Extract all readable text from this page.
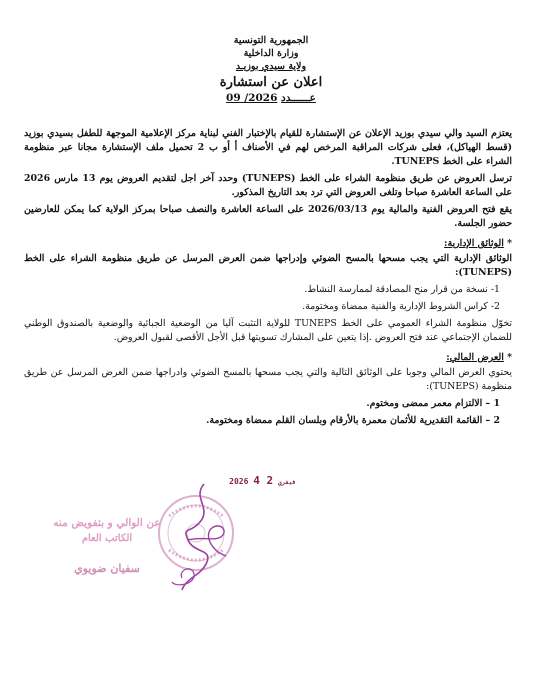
الجمهورية التونسية
وزارة الداخلية
ولاية سيدي بوزيـد
اعلان عن استشارة
عــــــدد 09 /2026

يعتزم السيد والي سيدي بوزيد الإعلان عن الإستشارة للقيام بالإختبار الفني لبناية مركز الإعلامية الموجهة للطفل بسيدي بوزيد (قسط الهياكل)، فعلى شركات المراقبة المرخص لهم في الأصناف أ أو ب 2 تحميل ملف الإستشارة مجانا عبر منظومة الشراء على الخط TUNEPS.

ترسل العروض عن طريق منظومة الشراء على الخط (TUNEPS) وحدد آخر اجل لتقديم العروض يوم 13 مارس 2026 على الساعة العاشرة صباحا وتلغى العروض التي ترد بعد التاريخ المذكور.

يقع فتح العروض الفنية والمالية يوم 2026/03/13 على الساعة العاشرة والنصف صباحا بمركز الولاية كما يمكن للعارضين حضور الجلسة.

* الوثائق الإدارية:

الوثائق الإدارية التي يجب مسحها بالمسح الضوئي وإدراجها ضمن العرض المرسل عن طريق منظومة الشراء على الخط (TUNEPS):

1- نسخة من قرار منح المصادقة لممارسة النشاط.

2- كراس الشروط الإدارية والفنية ممضاة ومختومة.

تخوّل منظومة الشراء العمومي على الخط TUNEPS للولاية التثبت آليا من الوضعية الجبائية والوضعية بالصندوق الوطني للضمان الإجتماعي عند فتح العروض .إذا يتعين على المشارك تسويتها قبل الأجل الأقصى لقبول العروض.

* العرض المالي:

يحتوي العرض المالي وجوبا على الوثائق التالية والتي يجب مسحها بالمسح الضوئي وادراجها ضمن العرض المرسل عن طريق منظومة (TUNEPS):

1 – الالتزام معمر ممضى ومختوم.

2 – القائمة التقديرية للأثمان معمرة بالأرقام وبلسان القلم ممضاة ومختومة.

2026	فيفري 2 4
عن الوالي و بتفويض منه
الكاتب العام
سفيان ضويوي
